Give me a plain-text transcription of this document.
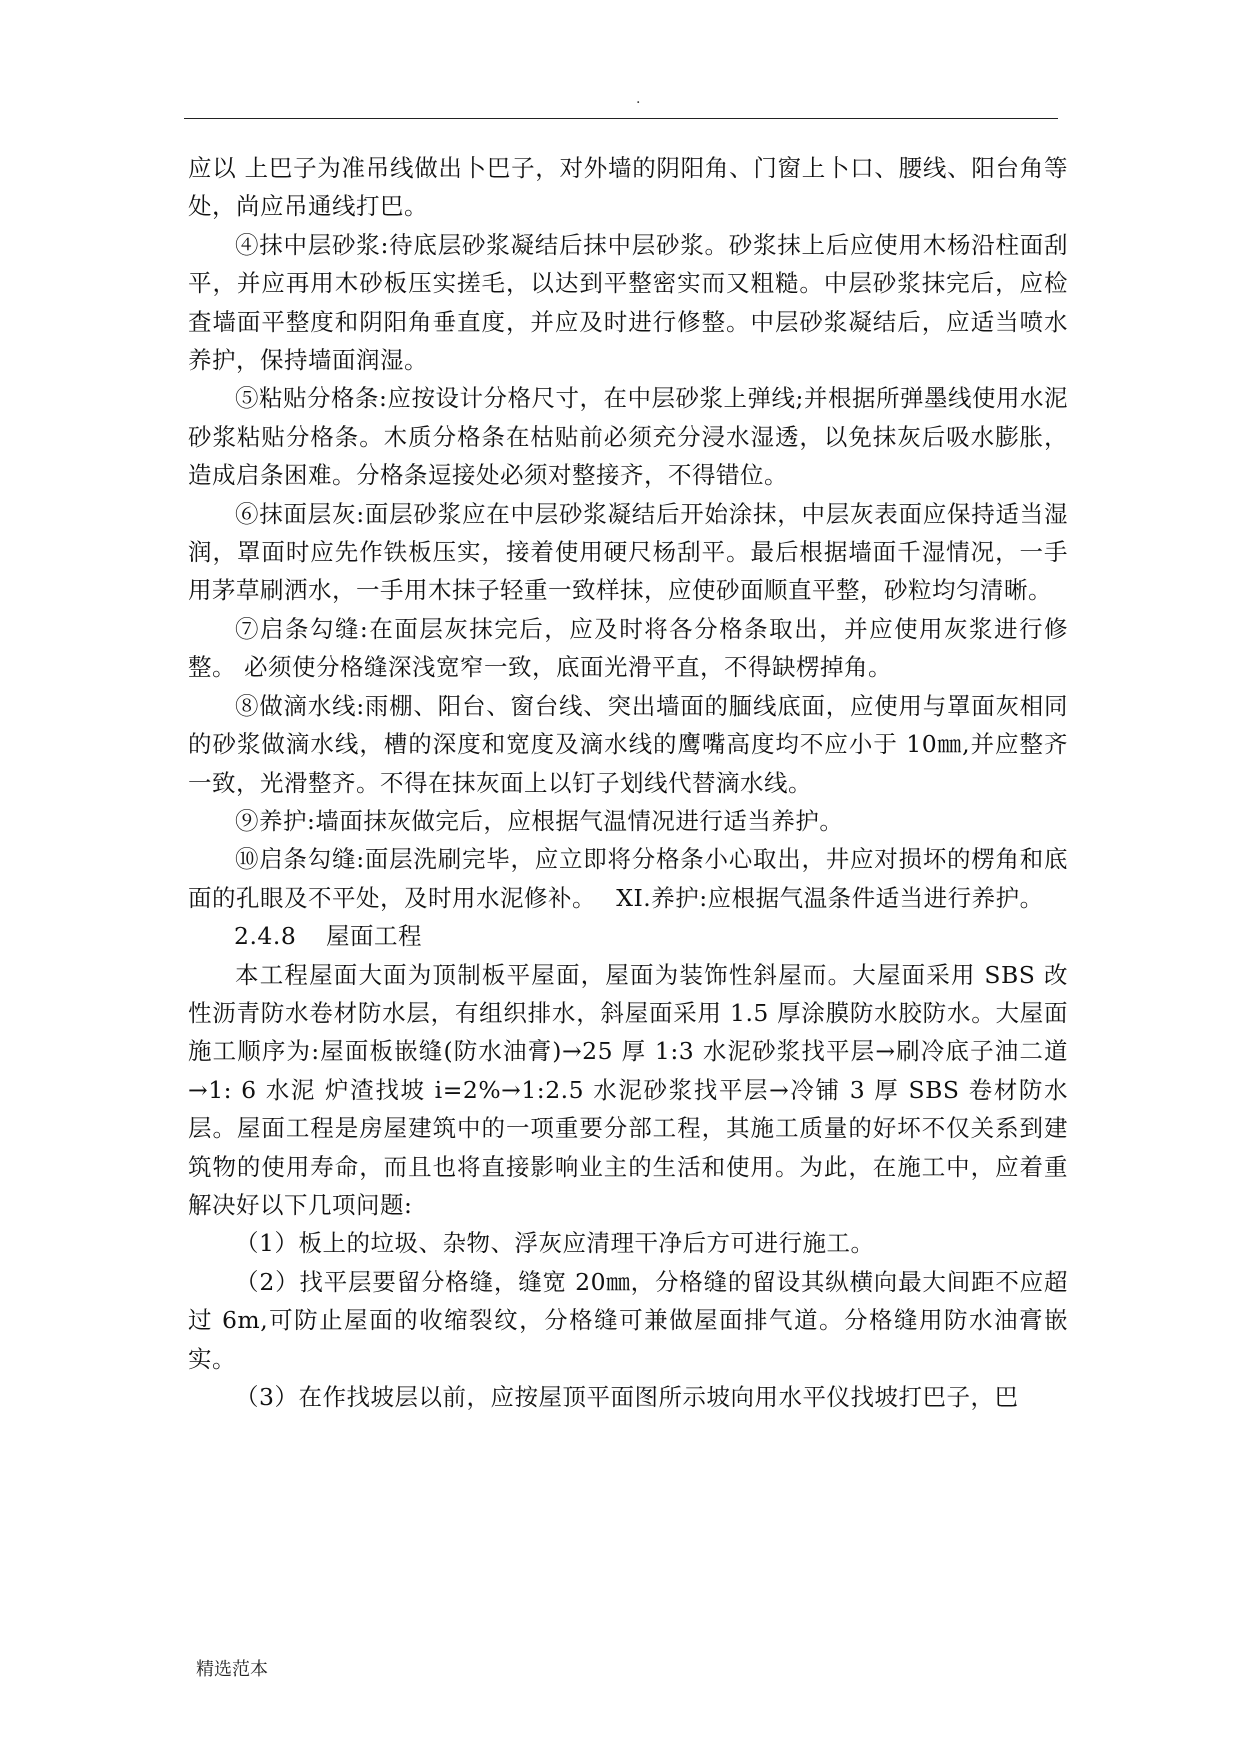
.

应以 上巴子为准吊线做出卜巴子，对外墙的阴阳角、门窗上卜口、腰线、阳台角等处，尚应吊通线打巴。

④抹中层砂浆:待底层砂浆凝结后抹中层砂浆。砂浆抹上后应使用木杨沿柱面刮平，并应再用木砂板压实搓毛，以达到平整密实而又粗糙。中层砂浆抹完后，应检査墙面平整度和阴阳角垂直度，并应及时进行修整。中层砂浆凝结后，应适当喷水养护，保持墙面润湿。

⑤粘贴分格条:应按设计分格尺寸，在中层砂浆上弹线;并根据所弹墨线使用水泥砂浆粘贴分格条。木质分格条在枯贴前必须充分浸水湿透，以免抹灰后吸水膨胀，造成启条困难。分格条逗接处必须对整接齐，不得错位。

⑥抹面层灰:面层砂浆应在中层砂浆凝结后开始涂抹，中层灰表面应保持适当湿润，罩面时应先作铁板压实，接着使用硬尺杨刮平。最后根据墙面千湿情况，一手用茅草刷洒水，一手用木抹子轻重一致样抹，应使砂面顺直平整，砂粒均匀清晰。

⑦启条勾缝:在面层灰抹完后，应及时将各分格条取出，并应使用灰浆进行修整。 必须使分格缝深浅宽窄一致，底面光滑平直，不得缺楞掉角。

⑧做滴水线:雨棚、阳台、窗台线、突出墙面的腼线底面，应使用与罩面灰相同的砂浆做滴水线，槽的深度和宽度及滴水线的鹰嘴高度均不应小于 10㎜,并应整齐一致，光滑整齐。不得在抹灰面上以钉子划线代替滴水线。

⑨养护:墙面抹灰做完后，应根据气温情况进行适当养护。

⑩启条勾缝:面层洗刷完毕，应立即将分格条小心取出，井应对损坏的楞角和底面的孔眼及不平处，及时用水泥修补。　 XI.养护:应根据气温条件适当进行养护。

2.4.8 屋面工程

本工程屋面大面为顶制板平屋面，屋面为装饰性斜屋而。大屋面采用 SBS 改性沥青防水卷材防水层，有组织排水，斜屋面采用 1.5 厚涂膜防水胶防水。大屋面施工顺序为:屋面板嵌缝(防水油膏)→25 厚 1:3 水泥砂浆找平层→刷冷底子油二道→1: 6 水泥 炉渣找坡 i=2%→1:2.5 水泥砂浆找平层→冷铺 3 厚 SBS 卷材防水层。屋面工程是房屋建筑中的一项重要分部工程，其施工质量的好坏不仅关系到建筑物的使用寿命，而且也将直接影响业主的生活和使用。为此，在施工中，应着重解决好以下几项问题:

（1）板上的垃圾、杂物、浮灰应清理干净后方可进行施工。

（2）找平层要留分格缝，缝宽 20㎜，分格缝的留设其纵横向最大间距不应超过 6m,可防止屋面的收缩裂纹，分格缝可兼做屋面排气道。分格缝用防水油膏嵌实。

（3）在作找坡层以前，应按屋顶平面图所示坡向用水平仪找坡打巴子，巴

精选范本
